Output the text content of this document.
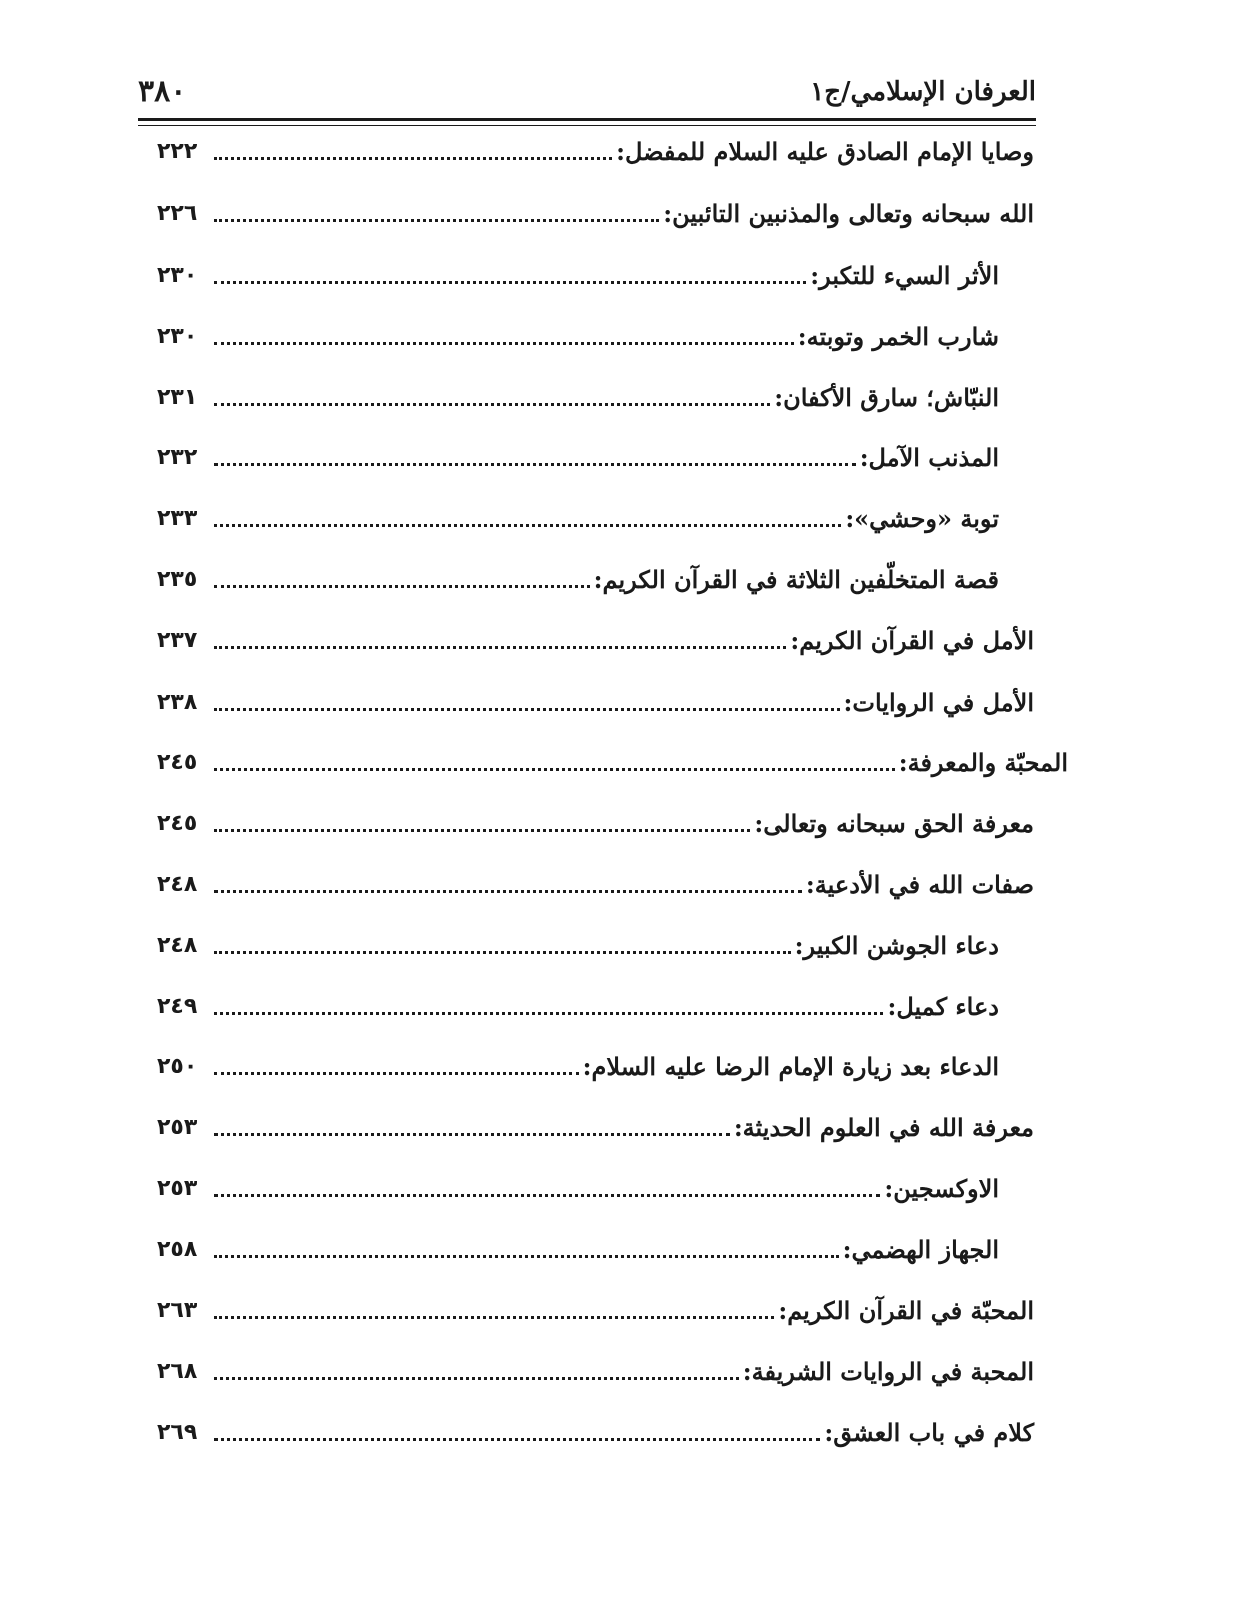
٣٨٠	العرفان الإسلامي/ج١
٢٢٢	وصايا الإمام الصادق عليه السلام للمفضل:
٢٢٦	الله سبحانه وتعالى والمذنبين التائبين:
٢٣٠	الأثر السيء للتكبر:
٢٣٠	شارب الخمر وتوبته:
٢٣١	النبّاش؛ سارق الأكفان:
٢٣٢	المذنب الآمل:
٢٣٣	توبة «وحشي»:
٢٣٥	قصة المتخلّفين الثلاثة في القرآن الكريم:
٢٣٧	الأمل في القرآن الكريم:
٢٣٨	الأمل في الروايات:
٢٤٥	المحبّة والمعرفة:
٢٤٥	معرفة الحق سبحانه وتعالى:
٢٤٨	صفات الله في الأدعية:
٢٤٨	دعاء الجوشن الكبير:
٢٤٩	دعاء كميل:
٢٥٠	الدعاء بعد زيارة الإمام الرضا عليه السلام:
٢٥٣	معرفة الله في العلوم الحديثة:
٢٥٣	الاوكسجين:
٢٥٨	الجهاز الهضمي:
٢٦٣	المحبّة في القرآن الكريم:
٢٦٨	المحبة في الروايات الشريفة:
٢٦٩	كلام في باب العشق:
